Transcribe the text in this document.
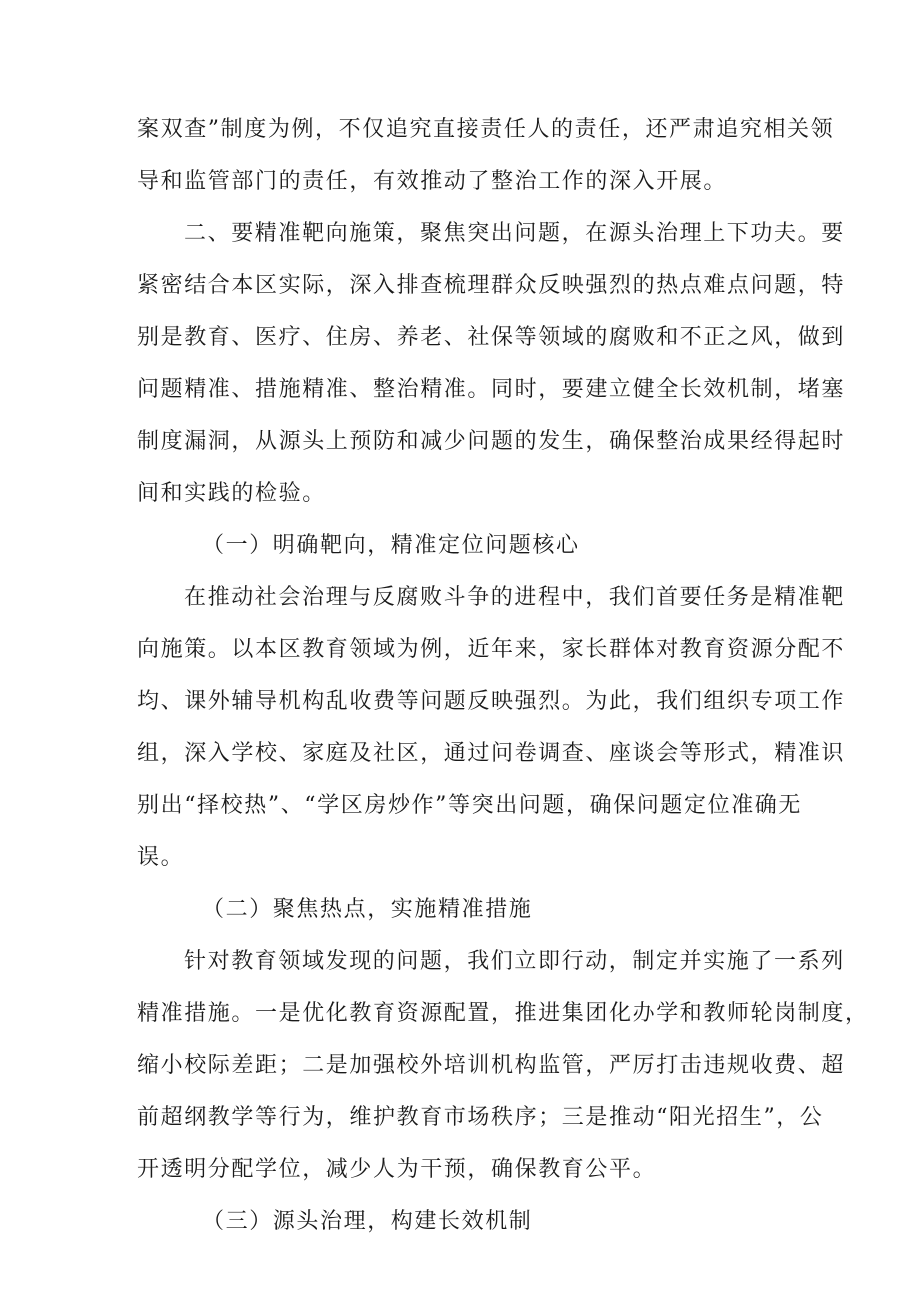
案双查”制度为例，不仅追究直接责任人的责任，还严肃追究相关领
导和监管部门的责任，有效推动了整治工作的深入开展。
二、要精准靶向施策，聚焦突出问题，在源头治理上下功夫。要
紧密结合本区实际，深入排查梳理群众反映强烈的热点难点问题，特
别是教育、医疗、住房、养老、社保等领域的腐败和不正之风，做到
问题精准、措施精准、整治精准。同时，要建立健全长效机制，堵塞
制度漏洞，从源头上预防和减少问题的发生，确保整治成果经得起时
间和实践的检验。
（一）明确靶向，精准定位问题核心
在推动社会治理与反腐败斗争的进程中，我们首要任务是精准靶
向施策。以本区教育领域为例，近年来，家长群体对教育资源分配不
均、课外辅导机构乱收费等问题反映强烈。为此，我们组织专项工作
组，深入学校、家庭及社区，通过问卷调查、座谈会等形式，精准识
别出“择校热”、“学区房炒作”等突出问题，确保问题定位准确无
误。
（二）聚焦热点，实施精准措施
针对教育领域发现的问题，我们立即行动，制定并实施了一系列
精准措施。一是优化教育资源配置，推进集团化办学和教师轮岗制度，
缩小校际差距；二是加强校外培训机构监管，严厉打击违规收费、超
前超纲教学等行为，维护教育市场秩序；三是推动“阳光招生”，公
开透明分配学位，减少人为干预，确保教育公平。
（三）源头治理，构建长效机制
